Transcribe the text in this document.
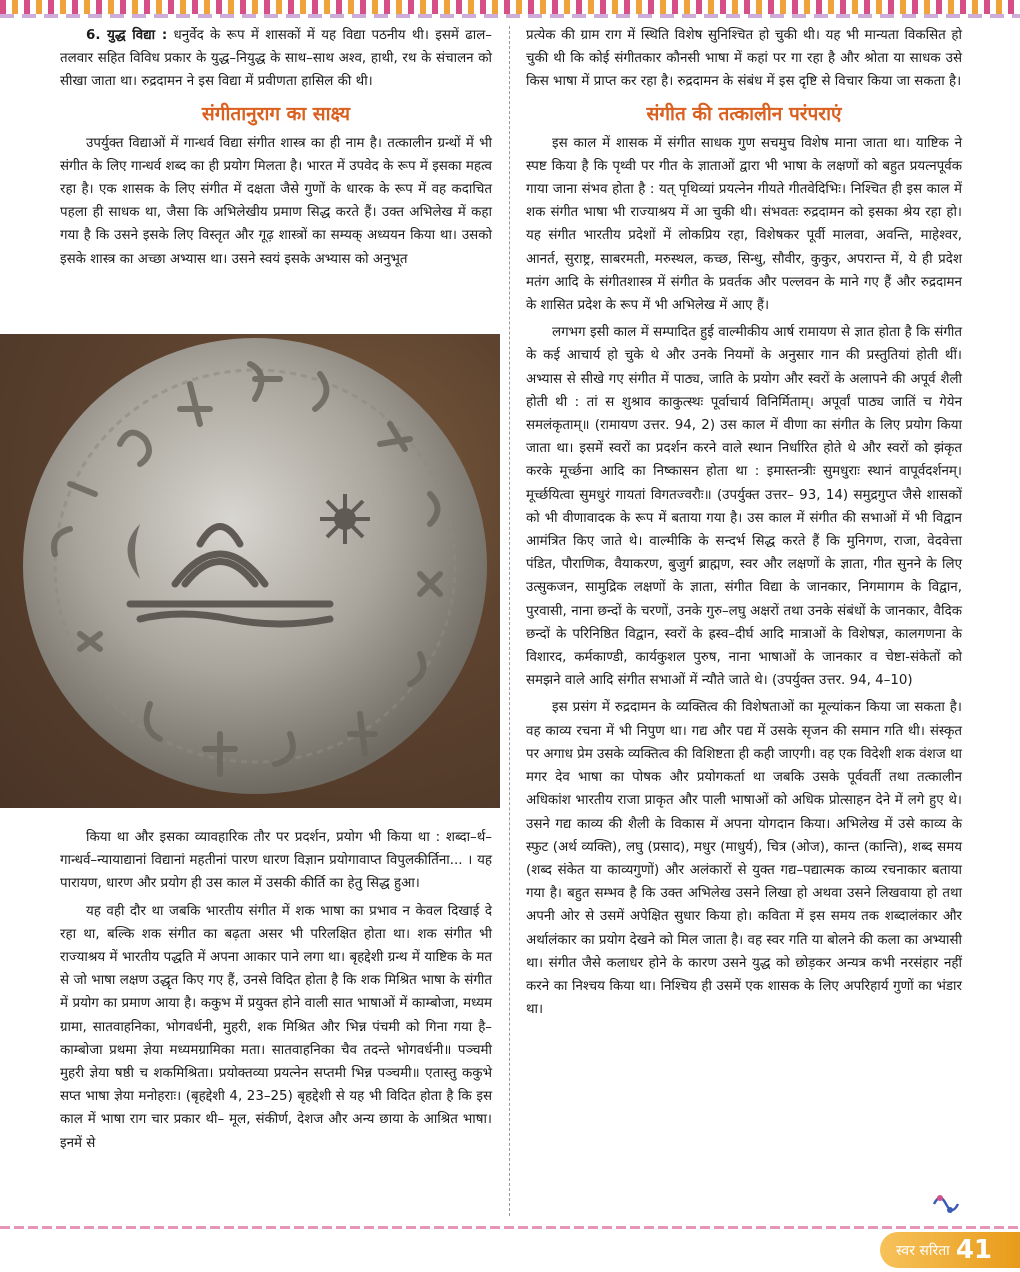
6. युद्ध विद्या : धनुर्वेद के रूप में शासकों में यह विद्या पठनीय थी। इसमें ढाल–तलवार सहित विविध प्रकार के युद्ध–नियुद्ध के साथ–साथ अश्व, हाथी, रथ के संचालन को सीखा जाता था। रुद्रदामन ने इस विद्या में प्रवीणता हासिल की थी।

संगीतानुराग का साक्ष्य

उपर्युक्त विद्याओं में गान्धर्व विद्या संगीत शास्त्र का ही नाम है। तत्कालीन ग्रन्थों में भी संगीत के लिए गान्धर्व शब्द का ही प्रयोग मिलता है। भारत में उपवेद के रूप में इसका महत्व रहा है। एक शासक के लिए संगीत में दक्षता जैसे गुणों के धारक के रूप में वह कदाचित पहला ही साधक था, जैसा कि अभिलेखीय प्रमाण सिद्ध करते हैं। उक्त अभिलेख में कहा गया है कि उसने इसके लिए विस्तृत और गूढ़ शास्त्रों का सम्यक् अध्ययन किया था। उसको इसके शास्त्र का अच्छा अभ्यास था। उसने स्वयं इसके अभ्यास को अनुभूत

किया था और इसका व्यावहारिक तौर पर प्रदर्शन, प्रयोग भी किया था : शब्दा–र्थ–गान्धर्व–न्यायाद्यानां विद्यानां महतीनां पारण धारण विज्ञान प्रयोगावाप्त विपुलकीर्तिना... । यह पारायण, धारण और प्रयोग ही उस काल में उसकी कीर्ति का हेतु सिद्ध हुआ।

यह वही दौर था जबकि भारतीय संगीत में शक भाषा का प्रभाव न केवल दिखाई दे रहा था, बल्कि शक संगीत का बढ़ता असर भी परिलक्षित होता था। शक संगीत भी राज्याश्रय में भारतीय पद्धति में अपना आकार पाने लगा था। बृहद्देशी ग्रन्थ में याष्टिक के मत से जो भाषा लक्षण उद्धृत किए गए हैं, उनसे विदित होता है कि शक मिश्रित भाषा के संगीत में प्रयोग का प्रमाण आया है। ककुभ में प्रयुक्त होने वाली सात भाषाओं में काम्बोजा, मध्यम ग्रामा, सातवाहनिका, भोगवर्धनी, मुहरी, शक मिश्रित और भिन्न पंचमी को गिना गया है– काम्बोजा प्रथमा ज्ञेया मध्यमग्रामिका मता। सातवाहनिका चैव तदन्ते भोगवर्धनी॥ पञ्चमी मुहरी ज्ञेया षष्ठी च शकमिश्रिता। प्रयोक्तव्या प्रयत्नेन सप्तमी भिन्न पञ्चमी॥ एतास्तु ककुभे सप्त भाषा ज्ञेया मनोहराः। (बृहद्देशी 4, 23–25) बृहद्देशी से यह भी विदित होता है कि इस काल में भाषा राग चार प्रकार थी– मूल, संकीर्ण, देशज और अन्य छाया के आश्रित भाषा। इनमें से

प्रत्येक की ग्राम राग में स्थिति विशेष सुनिश्चित हो चुकी थी। यह भी मान्यता विकसित हो चुकी थी कि कोई संगीतकार कौनसी भाषा में कहां पर गा रहा है और श्रोता या साधक उसे किस भाषा में प्राप्त कर रहा है। रुद्रदामन के संबंध में इस दृष्टि से विचार किया जा सकता है।

संगीत की तत्कालीन परंपराएं

इस काल में शासक में संगीत साधक गुण सचमुच विशेष माना जाता था। याष्टिक ने स्पष्ट किया है कि पृथ्वी पर गीत के ज्ञाताओं द्वारा भी भाषा के लक्षणों को बहुत प्रयत्नपूर्वक गाया जाना संभव होता है : यत् पृथिव्यां प्रयत्नेन गीयते गीतवेदिभिः। निश्चित ही इस काल में शक संगीत भाषा भी राज्याश्रय में आ चुकी थी। संभवतः रुद्रदामन को इसका श्रेय रहा हो। यह संगीत भारतीय प्रदेशों में लोकप्रिय रहा, विशेषकर पूर्वी मालवा, अवन्ति, माहेश्वर, आनर्त, सुराष्ट्र, साबरमती, मरुस्थल, कच्छ, सिन्धु, सौवीर, कुकुर, अपरान्त में, ये ही प्रदेश मतंग आदि के संगीतशास्त्र में संगीत के प्रवर्तक और पल्लवन के माने गए हैं और रुद्रदामन के शासित प्रदेश के रूप में भी अभिलेख में आए हैं।

लगभग इसी काल में सम्पादित हुई वाल्मीकीय आर्ष रामायण से ज्ञात होता है कि संगीत के कई आचार्य हो चुके थे और उनके नियमों के अनुसार गान की प्रस्तुतियां होती थीं। अभ्यास से सीखे गए संगीत में पाठ्य, जाति के प्रयोग और स्वरों के अलापने की अपूर्व शैली होती थी : तां स शुश्राव काकुत्स्थः पूर्वाचार्य विनिर्मिताम्। अपूर्वां पाठ्य जातिं च गेयेन समलंकृताम्॥ (रामायण उत्तर. 94, 2) उस काल में वीणा का संगीत के लिए प्रयोग किया जाता था। इसमें स्वरों का प्रदर्शन करने वाले स्थान निर्धारित होते थे और स्वरों को झंकृत करके मूर्च्छना आदि का निष्कासन होता था : इमास्तन्त्रीः सुमधुराः स्थानं वापूर्वदर्शनम्। मूर्च्छयित्वा सुमधुरं गायतां विगतज्वरौः॥ (उपर्युक्त उत्तर– 93, 14) समुद्रगुप्त जैसे शासकों को भी वीणावादक के रूप में बताया गया है। उस काल में संगीत की सभाओं में भी विद्वान आमंत्रित किए जाते थे। वाल्मीकि के सन्दर्भ सिद्ध करते हैं कि मुनिगण, राजा, वेदवेत्ता पंडित, पौराणिक, वैयाकरण, बुजुर्ग ब्राह्मण, स्वर और लक्षणों के ज्ञाता, गीत सुनने के लिए उत्सुकजन, सामुद्रिक लक्षणों के ज्ञाता, संगीत विद्या के जानकार, निगमागम के विद्वान, पुरवासी, नाना छन्दों के चरणों, उनके गुरु–लघु अक्षरों तथा उनके संबंधों के जानकार, वैदिक छन्दों के परिनिष्ठित विद्वान, स्वरों के ह्रस्व–दीर्घ आदि मात्राओं के विशेषज्ञ, कालगणना के विशारद, कर्मकाण्डी, कार्यकुशल पुरुष, नाना भाषाओं के जानकार व चेष्टा-संकेतों को समझने वाले आदि संगीत सभाओं में न्यौते जाते थे। (उपर्युक्त उत्तर. 94, 4–10)

इस प्रसंग में रुद्रदामन के व्यक्तित्व की विशेषताओं का मूल्यांकन किया जा सकता है। वह काव्य रचना में भी निपुण था। गद्य और पद्य में उसके सृजन की समान गति थी। संस्कृत पर अगाध प्रेम उसके व्यक्तित्व की विशिष्टता ही कही जाएगी। वह एक विदेशी शक वंशज था मगर देव भाषा का पोषक और प्रयोगकर्ता था जबकि उसके पूर्ववर्ती तथा तत्कालीन अधिकांश भारतीय राजा प्राकृत और पाली भाषाओं को अधिक प्रोत्साहन देने में लगे हुए थे। उसने गद्य काव्य की शैली के विकास में अपना योगदान किया। अभिलेख में उसे काव्य के स्फुट (अर्थ व्यक्ति), लघु (प्रसाद), मधुर (माधुर्य), चित्र (ओज), कान्त (कान्ति), शब्द समय (शब्द संकेत या काव्यगुणों) और अलंकारों से युक्त गद्य–पद्यात्मक काव्य रचनाकार बताया गया है। बहुत सम्भव है कि उक्त अभिलेख उसने लिखा हो अथवा उसने लिखवाया हो तथा अपनी ओर से उसमें अपेक्षित सुधार किया हो। कविता में इस समय तक शब्दालंकार और अर्थालंकार का प्रयोग देखने को मिल जाता है। वह स्वर गति या बोलने की कला का अभ्यासी था। संगीत जैसे कलाधर होने के कारण उसने युद्ध को छोड़कर अन्यत्र कभी नरसंहार नहीं करने का निश्चय किया था। निश्चिय ही उसमें एक शासक के लिए अपरिहार्य गुणों का भंडार था।

स्वर सरिता 41
